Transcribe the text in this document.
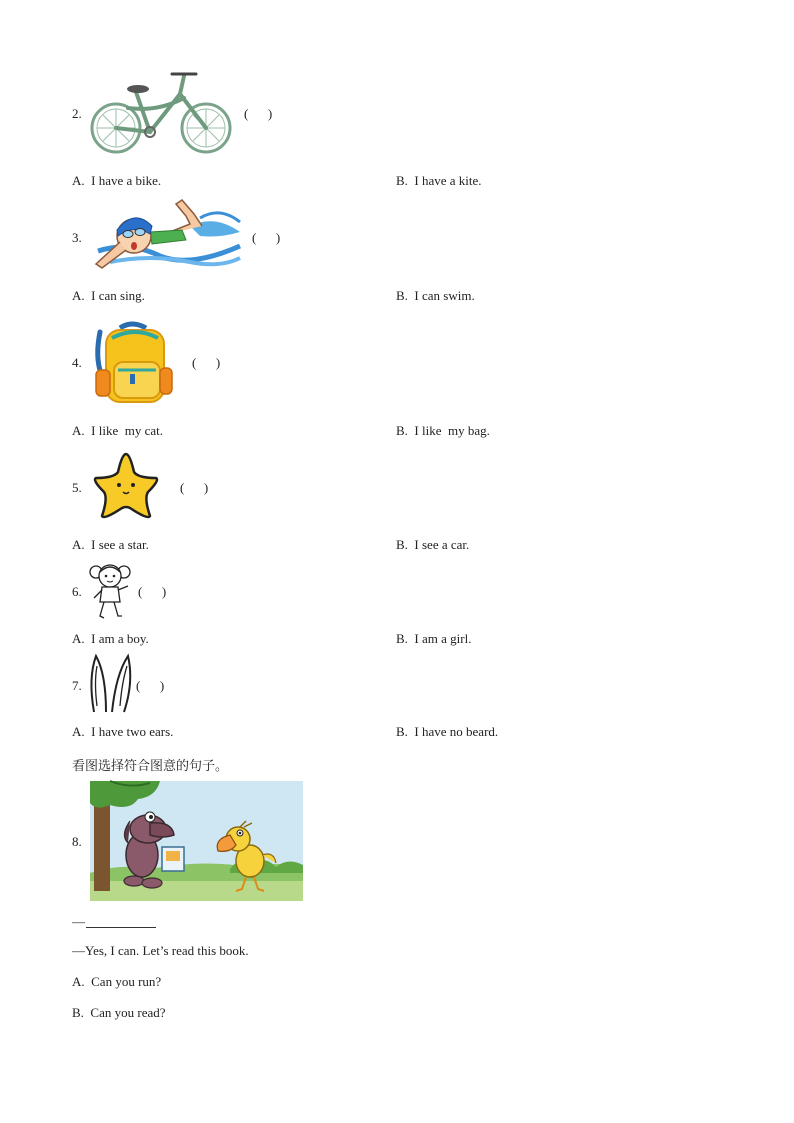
2.	(      )
A.  I have a bike.	B.  I have a kite.
3.	(      )
A.  I can sing.	B.  I can swim.
4.	(      )
A.  I like  my cat.	B.  I like  my bag.
5.	(      )
A.  I see a star.	B.  I see a car.
6.	(      )
A.  I am a boy.	B.  I am a girl.
7.	(      )
A.  I have two ears.	B.  I have no beard.
看图选择符合图意的句子。
8.
—
—Yes, I can. Let’s read this book.
A.  Can you run?
B.  Can you read?
